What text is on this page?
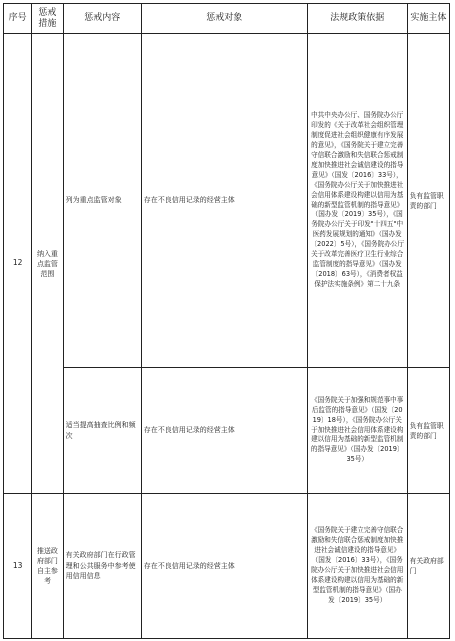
序号	惩戒措施	惩戒内容	惩戒对象	法规政策依据	实施主体
12	纳入重点监管范围	列为重点监管对象	存在不良信用记录的经营主体	中共中央办公厅、国务院办公厅印发的《关于改革社会组织管理制度促进社会组织健康有序发展的意见》，《国务院关于建立完善守信联合激励和失信联合惩戒制度加快推进社会诚信建设的指导意见》（国发〔2016〕33号），《国务院办公厅关于加快推进社会信用体系建设构建以信用为基础的新型监管机制的指导意见》（国办发〔2019〕35号），《国务院办公厅关于印发"十四五"中医药发展规划的通知》（国办发〔2022〕5号），《国务院办公厅关于改革完善医疗卫生行业综合监管制度的指导意见》（国办发〔2018〕63号），《消费者权益保护法实施条例》第二十九条	负有监管职责的部门
		适当提高抽查比例和频次	存在不良信用记录的经营主体	《国务院关于加强和规范事中事后监管的指导意见》（国发〔2019〕18号），《国务院办公厅关于加快推进社会信用体系建设构建以信用为基础的新型监管机制的指导意见》（国办发〔2019〕35号）	负有监管职责的部门
13	推送政府部门自主参考	有关政府部门在行政管理和公共服务中参考使用信用信息	存在不良信用记录的经营主体	《国务院关于建立完善守信联合激励和失信联合惩戒制度加快推进社会诚信建设的指导意见》（国发〔2016〕33号），《国务院办公厅关于加快推进社会信用体系建设构建以信用为基础的新型监管机制的指导意见》（国办发〔2019〕35号）	有关政府部门
